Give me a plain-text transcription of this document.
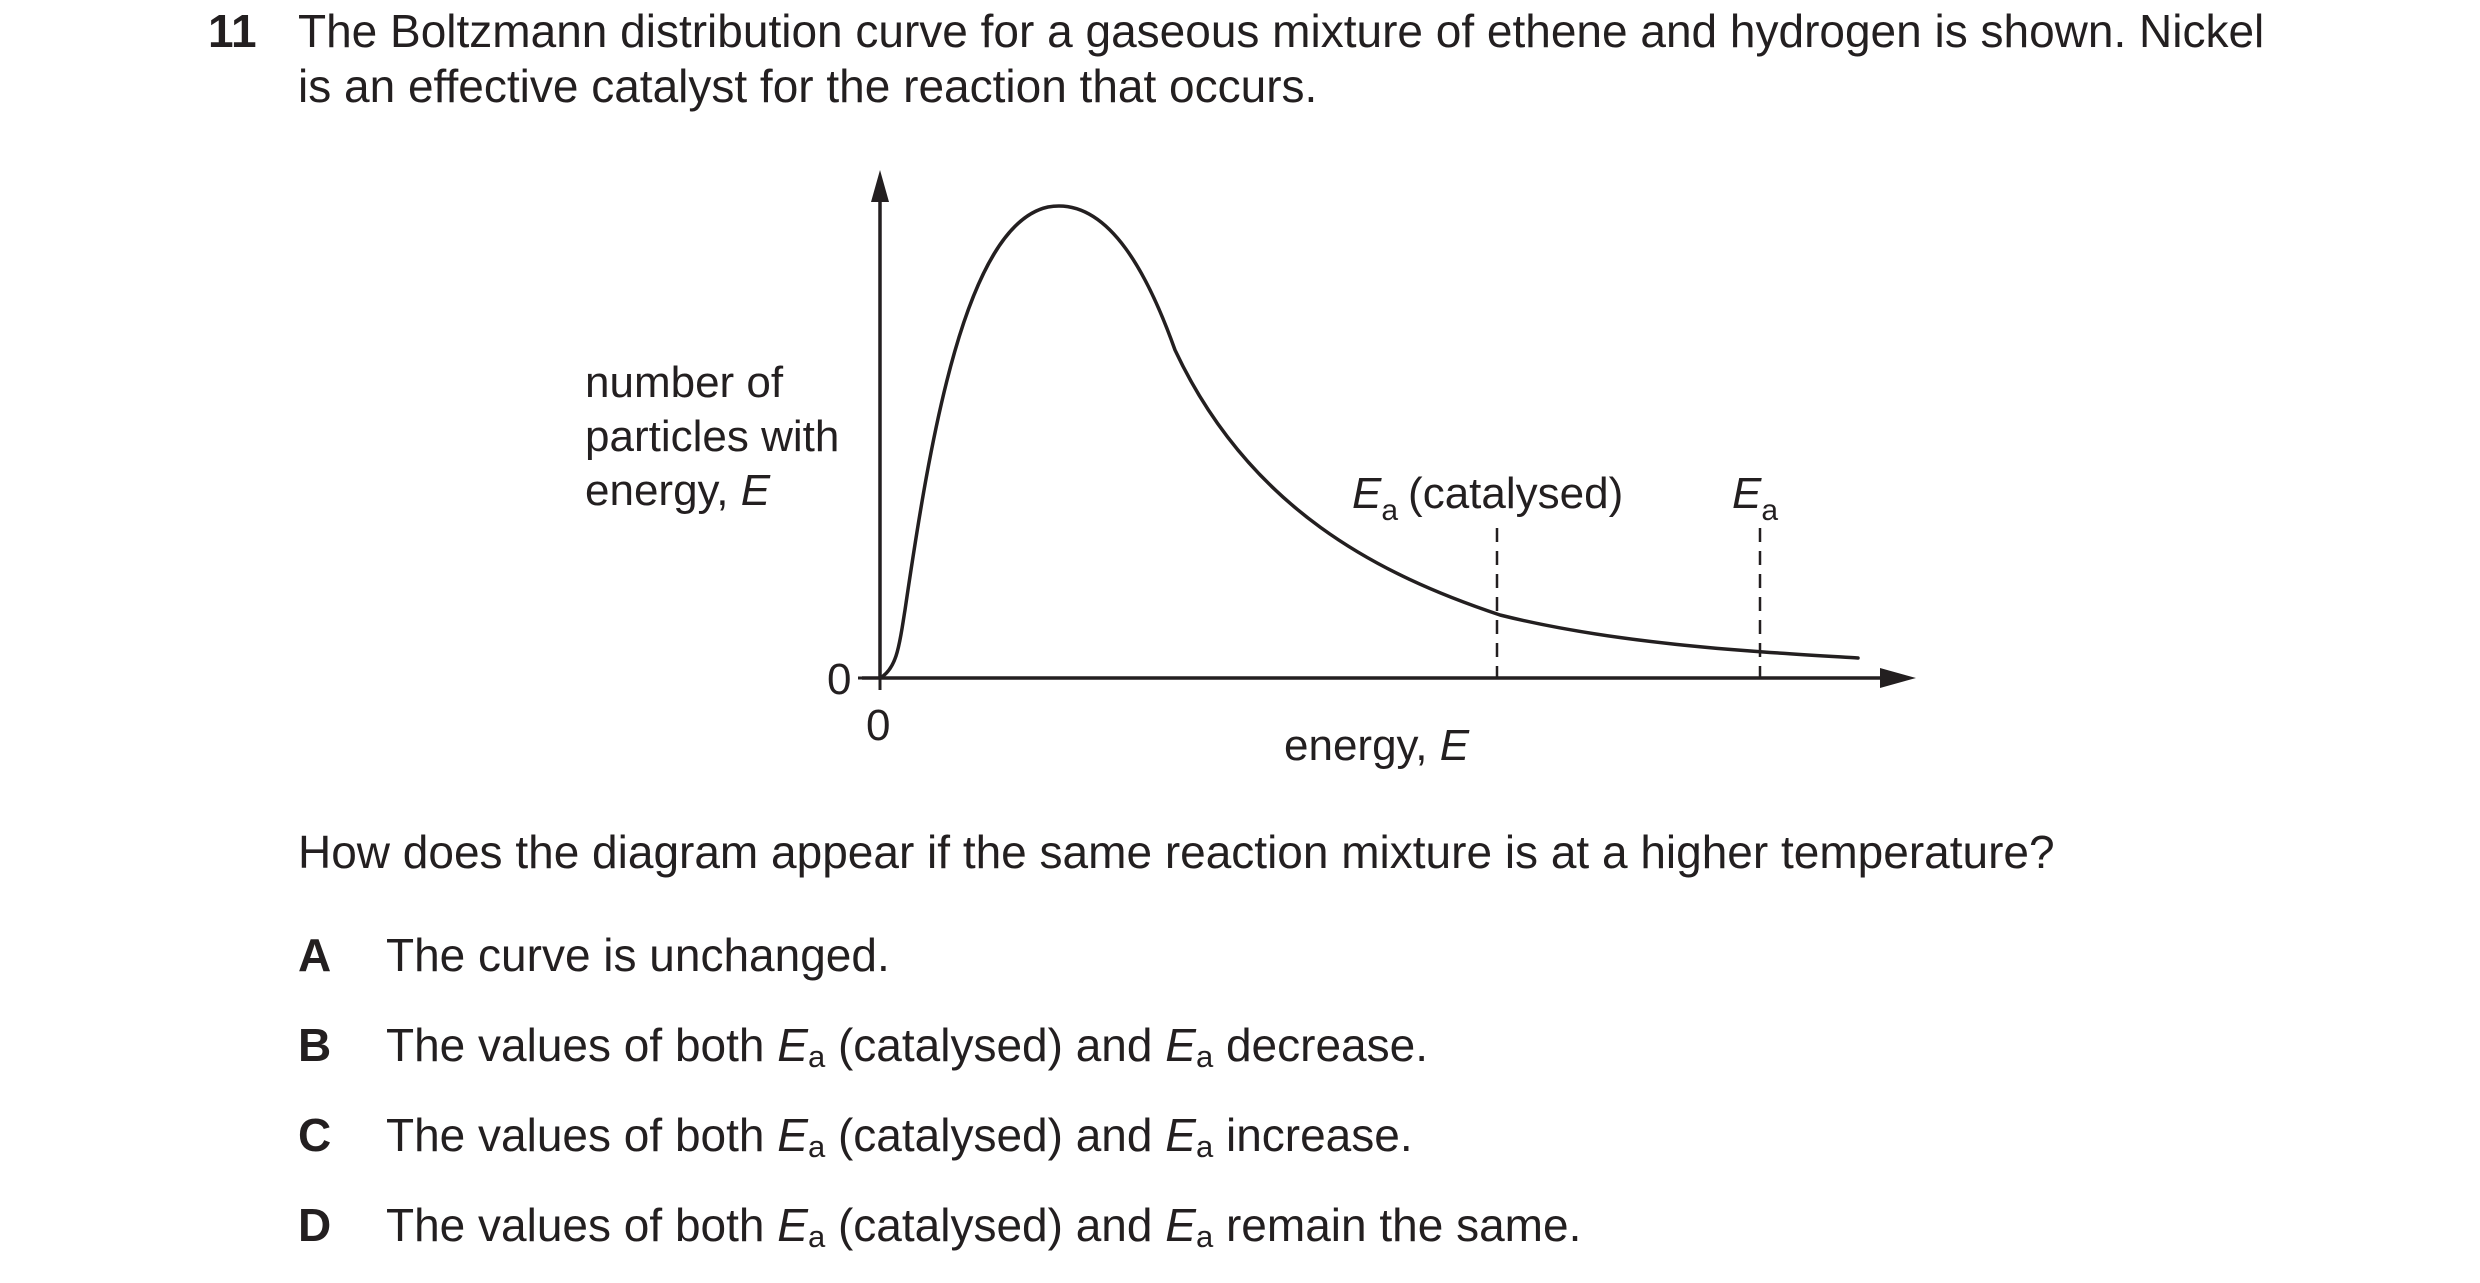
11 The Boltzmann distribution curve for a gaseous mixture of ethene and hydrogen is shown. Nickel
is an effective catalyst for the reaction that occurs.
number of particles with energy, E
0
0	energy, E
$E_a$ (catalysed) $E_a$
How does the diagram appear if the same reaction mixture is at a higher temperature?
A The curve is unchanged.
B The values of both $E_a$ (catalysed) and $E_a$ decrease.
C The values of both $E_a$ (catalysed) and $E_a$ increase.
D The values of both $E_a$ (catalysed) and $E_a$ remain the same.
